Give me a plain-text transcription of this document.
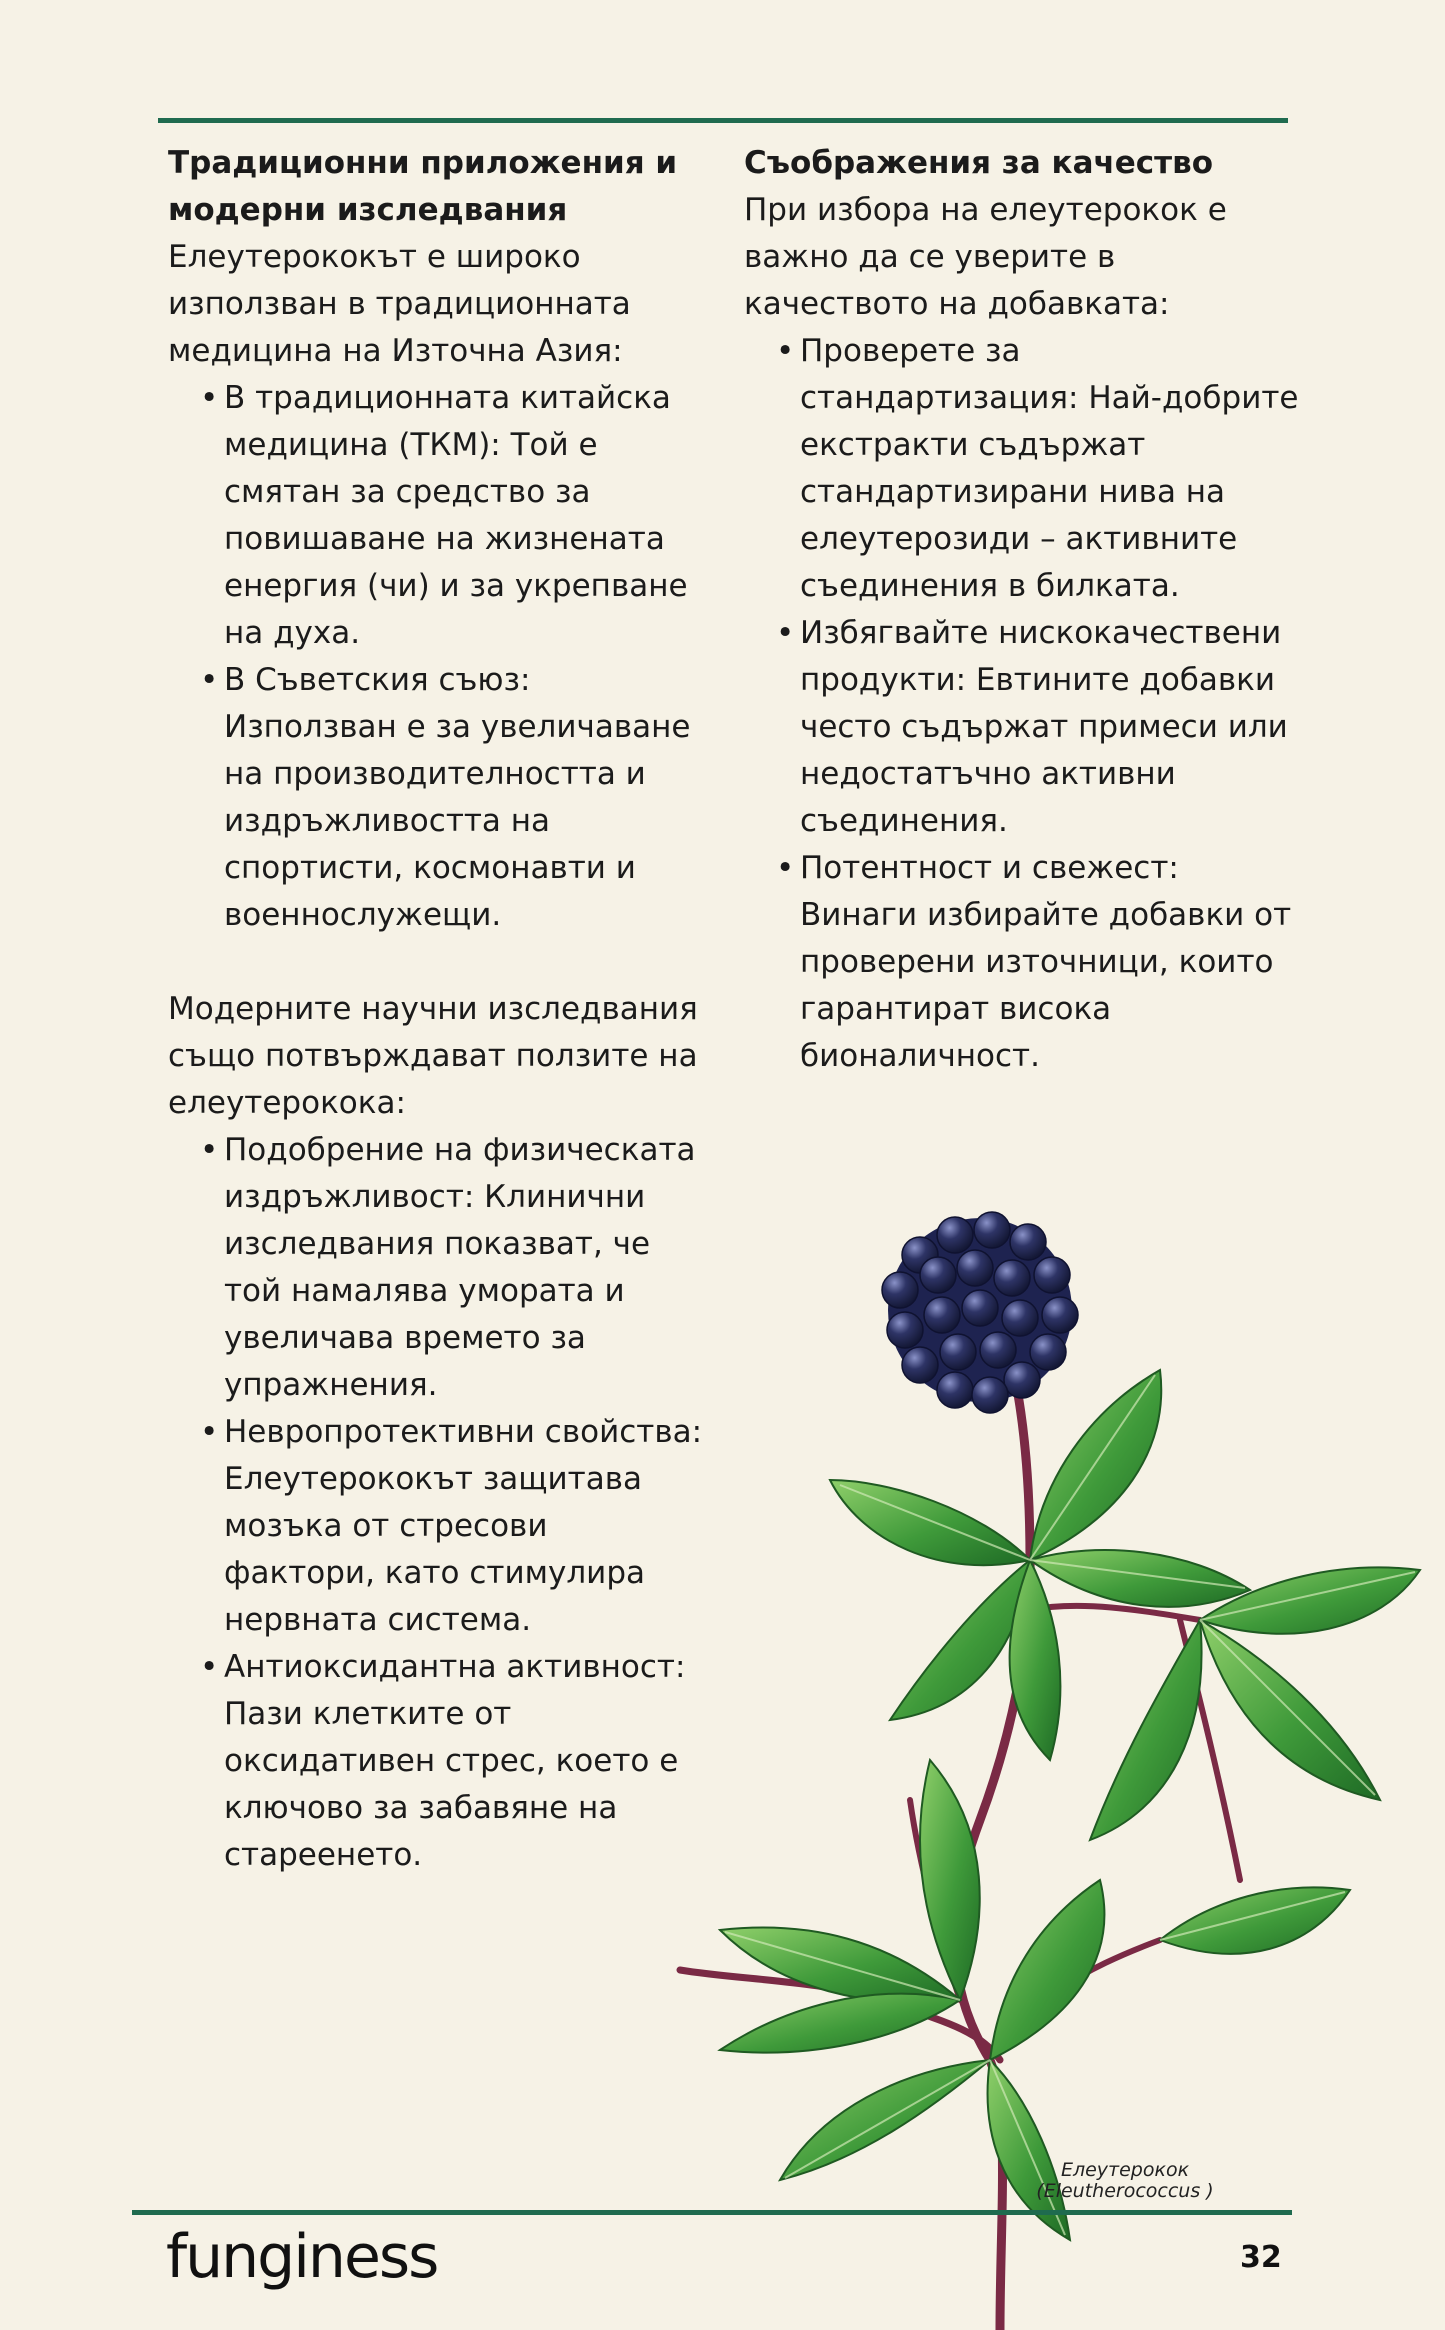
Традиционни приложения и модерни изследвания

Елеутерококът е широко използван в традиционната медицина на Източна Азия:

• В традиционната китайска медицина (ТКМ): Той е смятан за средство за повишаване на жизнената енергия (чи) и за укрепване на духа.
• В Съветския съюз: Използван е за увеличаване на производителността и издръжливостта на спортисти, космонавти и военнослужещи.

Модерните научни изследвания също потвърждават ползите на елеутерокока:

• Подобрение на физическата издръжливост: Клинични изследвания показват, че той намалява умората и увеличава времето за упражнения.
• Невропротективни свойства: Елеутерококът защитава мозъка от стресови фактори, като стимулира нервната система.
• Антиоксидантна активност: Пази клетките от оксидативен стрес, което е ключово за забавяне на стареенето.

Съображения за качество

При избора на елеутерокок е важно да се уверите в качеството на добавката:

• Проверете за стандартизация: Най-добрите екстракти съдържат стандартизирани нива на елеутерозиди – активните съединения в билката.
• Избягвайте нискокачествени продукти: Евтините добавки често съдържат примеси или недостатъчно активни съединения.
• Потентност и свежест: Винаги избирайте добавки от проверени източници, които гарантират висока бионаличност.
Елеутерокок
(Eleutherococcus )
funginess	32
